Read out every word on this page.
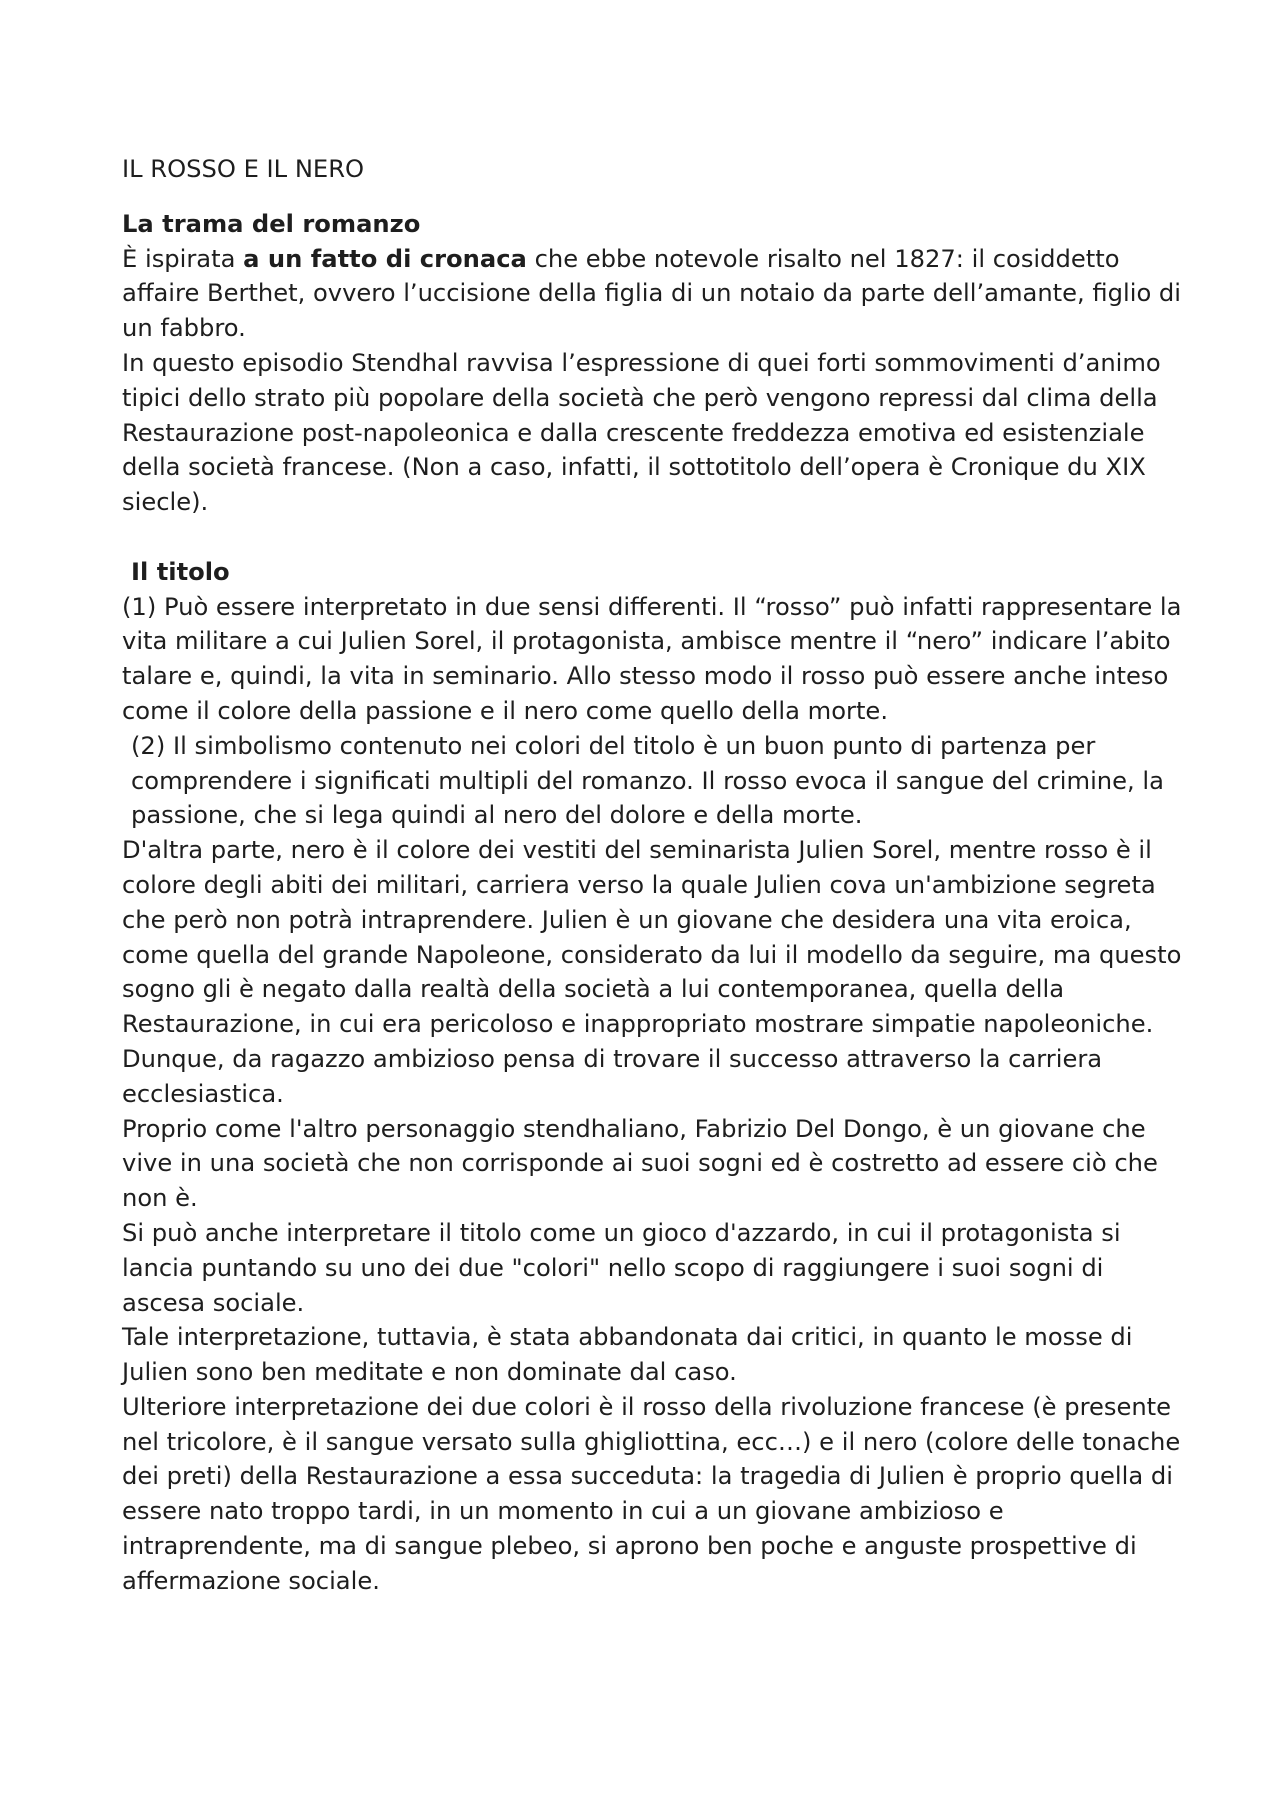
IL ROSSO E IL NERO
La trama del romanzo

È ispirata a un fatto di cronaca che ebbe notevole risalto nel 1827: il cosiddetto affaire Berthet, ovvero l’uccisione della figlia di un notaio da parte dell’amante, figlio di un fabbro.

In questo episodio Stendhal ravvisa l’espressione di quei forti sommovimenti d’animo tipici dello strato più popolare della società che però vengono repressi dal clima della Restaurazione post-napoleonica e dalla crescente freddezza emotiva ed esistenziale della società francese. (Non a caso, infatti, il sottotitolo dell’opera è Cronique du XIX siecle).

Il titolo

(1) Può essere interpretato in due sensi differenti. Il “rosso” può infatti rappresentare la vita militare a cui Julien Sorel, il protagonista, ambisce mentre il “nero” indicare l’abito talare e, quindi, la vita in seminario. Allo stesso modo il rosso può essere anche inteso come il colore della passione e il nero come quello della morte.

(2) Il simbolismo contenuto nei colori del titolo è un buon punto di partenza per comprendere i significati multipli del romanzo. Il rosso evoca il sangue del crimine, la passione, che si lega quindi al nero del dolore e della morte.

D'altra parte, nero è il colore dei vestiti del seminarista Julien Sorel, mentre rosso è il colore degli abiti dei militari, carriera verso la quale Julien cova un'ambizione segreta che però non potrà intraprendere. Julien è un giovane che desidera una vita eroica, come quella del grande Napoleone, considerato da lui il modello da seguire, ma questo sogno gli è negato dalla realtà della società a lui contemporanea, quella della Restaurazione, in cui era pericoloso e inappropriato mostrare simpatie napoleoniche. Dunque, da ragazzo ambizioso pensa di trovare il successo attraverso la carriera ecclesiastica.

Proprio come l'altro personaggio stendhaliano, Fabrizio Del Dongo, è un giovane che vive in una società che non corrisponde ai suoi sogni ed è costretto ad essere ciò che non è.

Si può anche interpretare il titolo come un gioco d'azzardo, in cui il protagonista si lancia puntando su uno dei due "colori" nello scopo di raggiungere i suoi sogni di ascesa sociale.

Tale interpretazione, tuttavia, è stata abbandonata dai critici, in quanto le mosse di Julien sono ben meditate e non dominate dal caso.

Ulteriore interpretazione dei due colori è il rosso della rivoluzione francese (è presente nel tricolore, è il sangue versato sulla ghigliottina, ecc…) e il nero (colore delle tonache dei preti) della Restaurazione a essa succeduta: la tragedia di Julien è proprio quella di essere nato troppo tardi, in un momento in cui a un giovane ambizioso e intraprendente, ma di sangue plebeo, si aprono ben poche e anguste prospettive di affermazione sociale.
